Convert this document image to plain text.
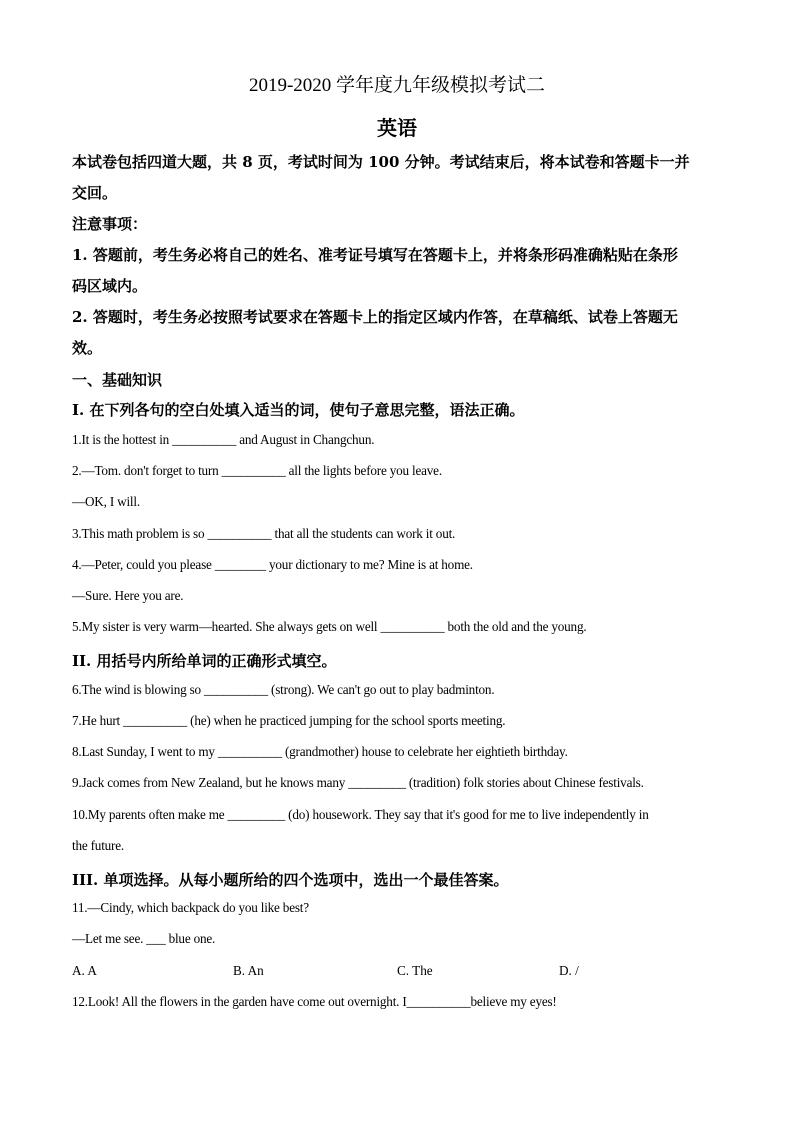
2019-2020 学年度九年级模拟考试二
英语
本试卷包括四道大题，共 8 页，考试时间为 100 分钟。考试结束后，将本试卷和答题卡一并
交回。
注意事项：
1. 答题前，考生务必将自己的姓名、准考证号填写在答题卡上，并将条形码准确粘贴在条形
码区域内。
2. 答题时，考生务必按照考试要求在答题卡上的指定区域内作答，在草稿纸、试卷上答题无
效。
一、基础知识
I. 在下列各句的空白处填入适当的词，使句子意思完整，语法正确。
1.It is the hottest in __________ and August in Changchun.
2.—Tom. don't forget to turn __________ all the lights before you leave.
—OK, I will.
3.This math problem is so __________ that all the students can work it out.
4.—Peter, could you please ________ your dictionary to me? Mine is at home.
—Sure. Here you are.
5.My sister is very warm—hearted. She always gets on well __________ both the old and the young.
II. 用括号内所给单词的正确形式填空。
6.The wind is blowing so __________ (strong). We can't go out to play badminton.
7.He hurt __________ (he) when he practiced jumping for the school sports meeting.
8.Last Sunday, I went to my __________ (grandmother) house to celebrate her eightieth birthday.
9.Jack comes from New Zealand, but he knows many _________ (tradition) folk stories about Chinese festivals.
10.My parents often make me _________ (do) housework. They say that it's good for me to live independently in
the future.
III. 单项选择。从每小题所给的四个选项中，选出一个最佳答案。
11.—Cindy, which backpack do you like best?
—Let me see. ___ blue one.
A. A	B. An	C. The	D. /
12.Look! All the flowers in the garden have come out overnight. I__________believe my eyes!
